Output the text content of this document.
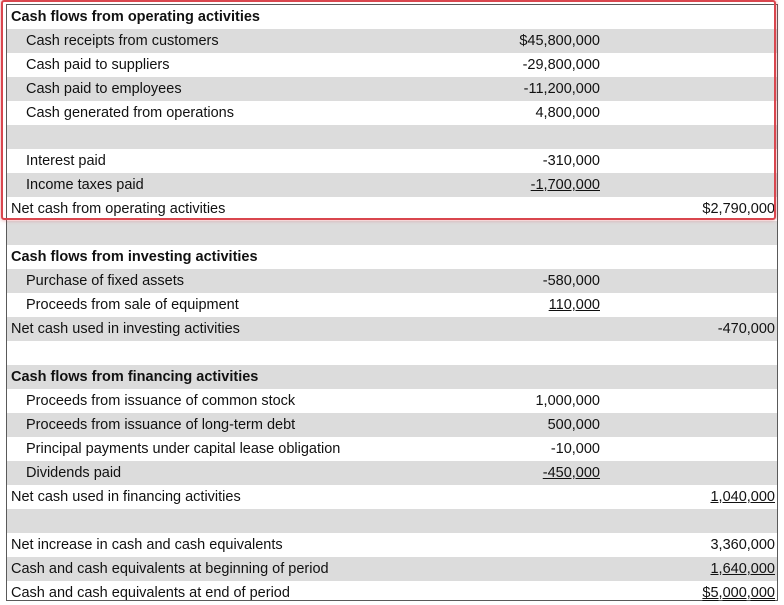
Cash flows from operating activities
Cash receipts from customers	$45,800,000
Cash paid to suppliers	-29,800,000
Cash paid to employees	-11,200,000
Cash generated from operations	4,800,000
Interest paid	-310,000
Income taxes paid	-1,700,000
Net cash from operating activities	$2,790,000
Cash flows from investing activities
Purchase of fixed assets	-580,000
Proceeds from sale of equipment	110,000
Net cash used in investing activities	-470,000
Cash flows from financing activities
Proceeds from issuance of common stock	1,000,000
Proceeds from issuance of long-term debt	500,000
Principal payments under capital lease obligation	-10,000
Dividends paid	-450,000
Net cash used in financing activities	1,040,000
Net increase in cash and cash equivalents	3,360,000
Cash and cash equivalents at beginning of period	1,640,000
Cash and cash equivalents at end of period	$5,000,000
